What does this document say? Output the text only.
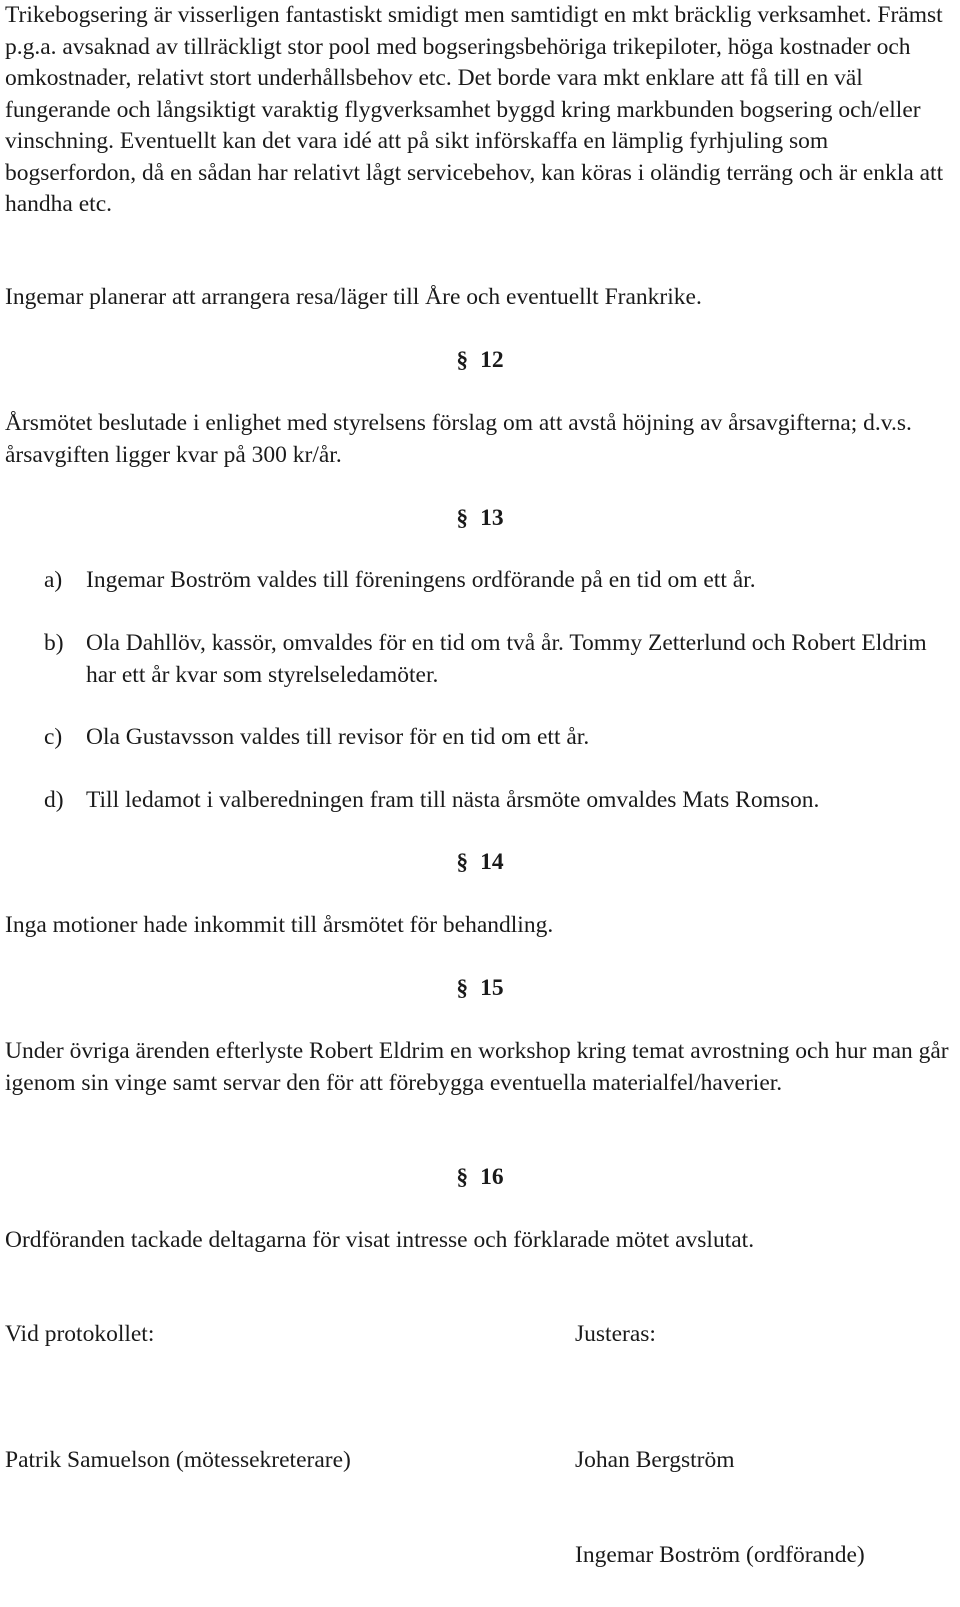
Trikebogsering är visserligen fantastiskt smidigt men samtidigt en mkt bräcklig verksamhet. Främst p.g.a. avsaknad av tillräckligt stor pool med bogseringsbehöriga trikepiloter, höga kostnader och omkostnader, relativt stort underhållsbehov etc. Det borde vara mkt enklare att få till en väl fungerande och långsiktigt varaktig flygverksamhet byggd kring markbunden bogsering och/eller vinschning. Eventuellt kan det vara idé att på sikt införskaffa en lämplig fyrhjuling som bogserfordon, då en sådan har relativt lågt servicebehov, kan köras i oländig terräng och är enkla att handha etc.

Ingemar planerar att arrangera resa/läger till Åre och eventuellt Frankrike.

§ 12

Årsmötet beslutade i enlighet med styrelsens förslag om att avstå höjning av årsavgifterna; d.v.s. årsavgiften ligger kvar på 300 kr/år.

§ 13

a)	Ingemar Boström valdes till föreningens ordförande på en tid om ett år.
b) Ola Dahllöv, kassör, omvaldes för en tid om två år. Tommy Zetterlund och Robert Eldrim har ett år kvar som styrelseledamöter.
c)	Ola Gustavsson valdes till revisor för en tid om ett år.
d) Till ledamot i valberedningen fram till nästa årsmöte omvaldes Mats Romson.

§ 14

Inga motioner hade inkommit till årsmötet för behandling.

§ 15

Under övriga ärenden efterlyste Robert Eldrim en workshop kring temat avrostning och hur man går igenom sin vinge samt servar den för att förebygga eventuella materialfel/haverier.

§ 16

Ordföranden tackade deltagarna för visat intresse och förklarade mötet avslutat.

Vid protokollet:	Justeras:

Patrik Samuelson (mötessekreterare)	Johan Bergström

Ingemar Boström (ordförande)
